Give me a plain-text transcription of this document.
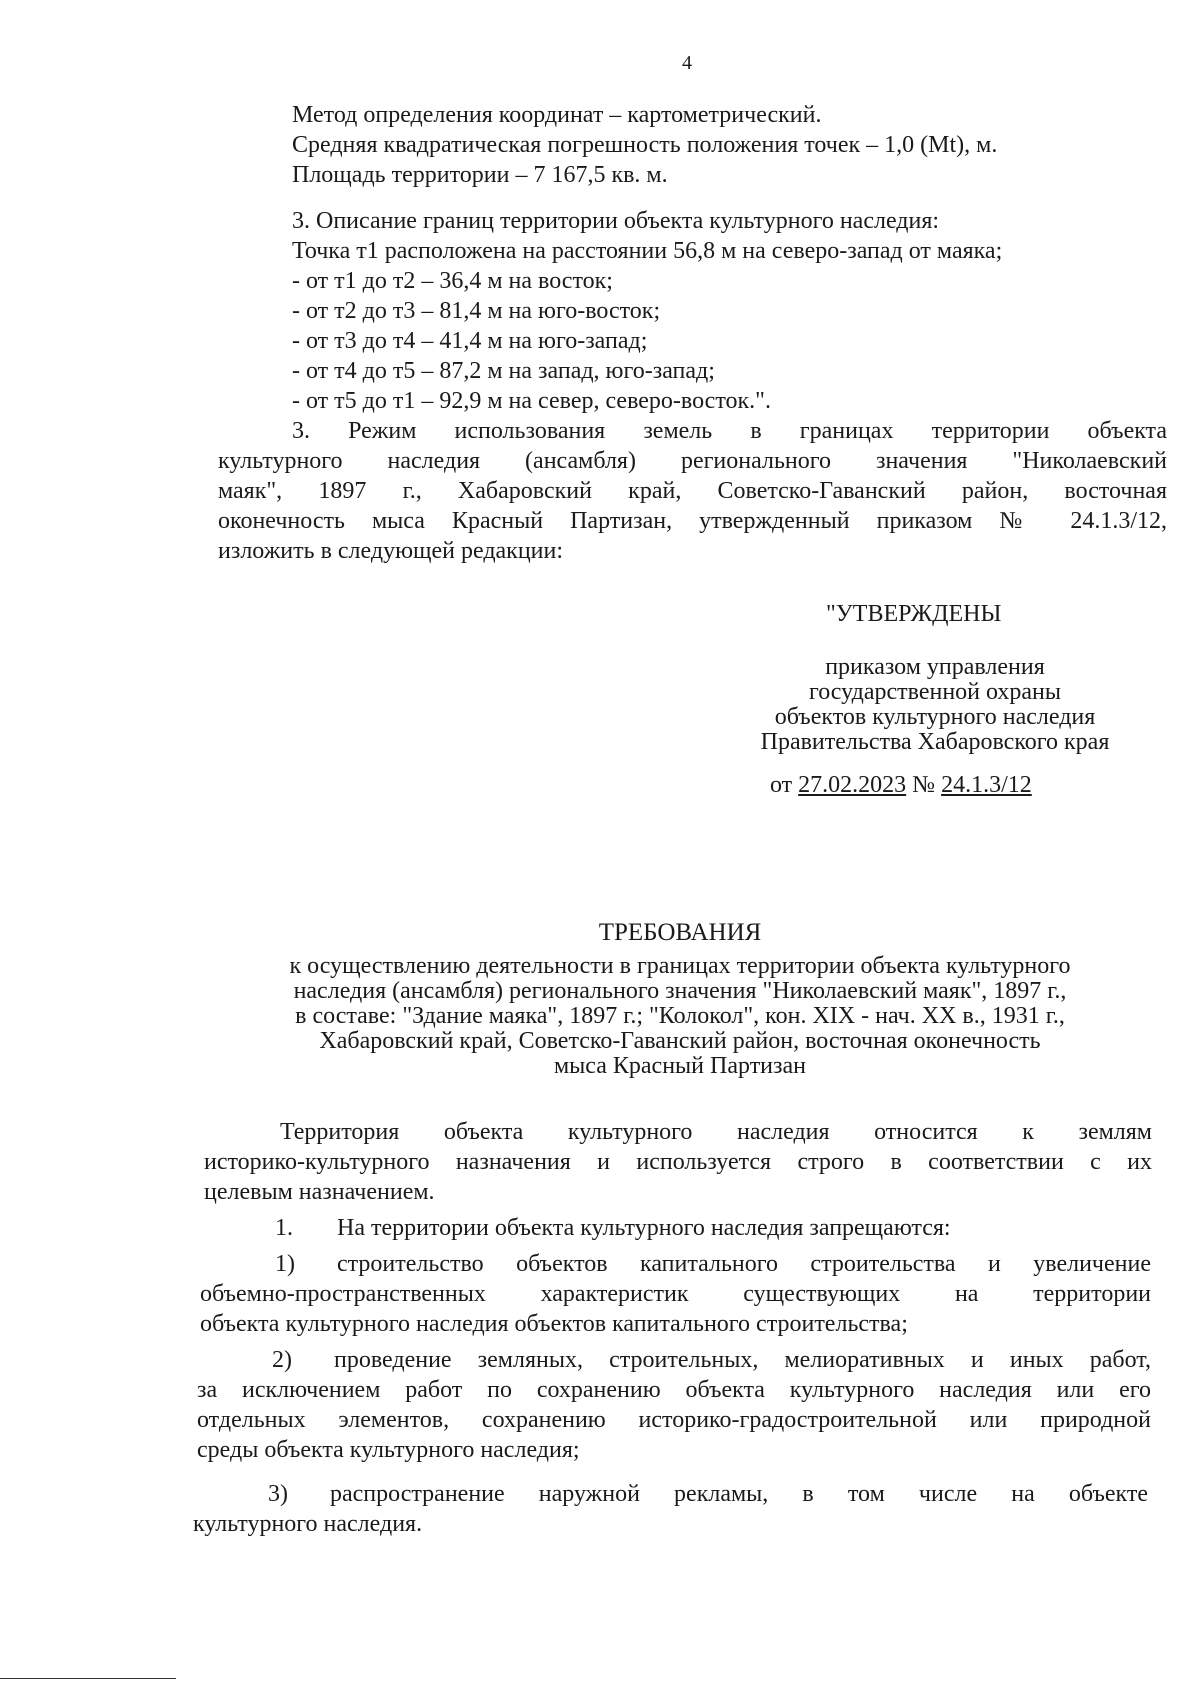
4
Метод определения координат – картометрический.
Средняя квадратическая погрешность положения точек – 1,0 (Mt), м.
Площадь территории – 7 167,5 кв. м.
3. Описание границ территории объекта культурного наследия:
Точка т1 расположена на расстоянии 56,8 м на северо-запад от маяка;
- от т1 до т2 – 36,4 м на восток;
- от т2 до т3 – 81,4 м на юго-восток;
- от т3 до т4 – 41,4 м на юго-запад;
- от т4 до т5 – 87,2 м на запад, юго-запад;
- от т5 до т1 – 92,9 м на север, северо-восток.".
3. Режим использования земель в границах территории объекта
культурного наследия (ансамбля) регионального значения "Николаевский
маяк", 1897 г., Хабаровский край, Советско-Гаванский район, восточная
оконечность мыса Красный Партизан, утвержденный приказом № 24.1.3/12,
изложить в следующей редакции:
"УТВЕРЖДЕНЫ
приказом управления
государственной охраны
объектов культурного наследия
Правительства Хабаровского края
от 27.02.2023 № 24.1.3/12
ТРЕБОВАНИЯ
к осуществлению деятельности в границах территории объекта культурного
наследия (ансамбля) регионального значения "Николаевский маяк", 1897 г.,
в составе: "Здание маяка", 1897 г.; "Колокол", кон. XIX - нач. XX в., 1931 г.,
Хабаровский край, Советско-Гаванский район, восточная оконечность
мыса Красный Партизан
Территория объекта культурного наследия относится к землям
историко-культурного назначения и используется строго в соответствии с их
целевым назначением.
1. На территории объекта культурного наследия запрещаются:
1) строительство объектов капитального строительства и увеличение
объемно-пространственных характеристик существующих на территории
объекта культурного наследия объектов капитального строительства;
2) проведение земляных, строительных, мелиоративных и иных работ,
за исключением работ по сохранению объекта культурного наследия или его
отдельных элементов, сохранению историко-градостроительной или природной
среды объекта культурного наследия;
3) распространение наружной рекламы, в том числе на объекте
культурного наследия.
